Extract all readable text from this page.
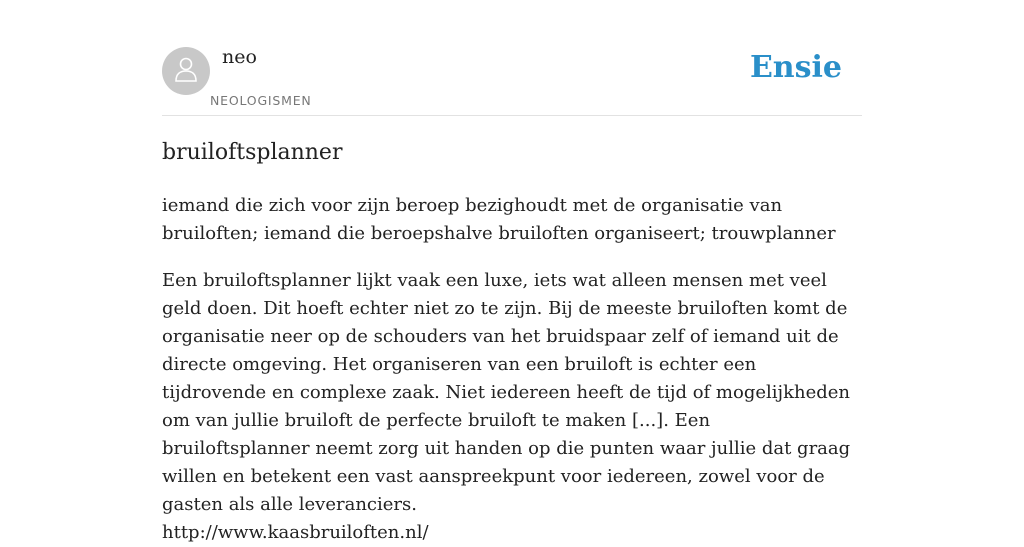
neo
NEOLOGISMEN
Ensie
bruiloftsplanner

iemand die zich voor zijn beroep bezighoudt met de organisatie van bruiloften; iemand die beroepshalve bruiloften organiseert; trouwplanner

Een bruiloftsplanner lijkt vaak een luxe, iets wat alleen mensen met veel geld doen. Dit hoeft echter niet zo te zijn. Bij de meeste bruiloften komt de organisatie neer op de schouders van het bruidspaar zelf of iemand uit de directe omgeving. Het organiseren van een bruiloft is echter een tijdrovende en complexe zaak. Niet iedereen heeft de tijd of mogelijkheden om van jullie bruiloft de perfecte bruiloft te maken [...]. Een bruiloftsplanner neemt zorg uit handen op die punten waar jullie dat graag willen en betekent een vast aanspreekpunt voor iedereen, zowel voor de gasten als alle leveranciers.
http://www.kaasbruiloften.nl/
